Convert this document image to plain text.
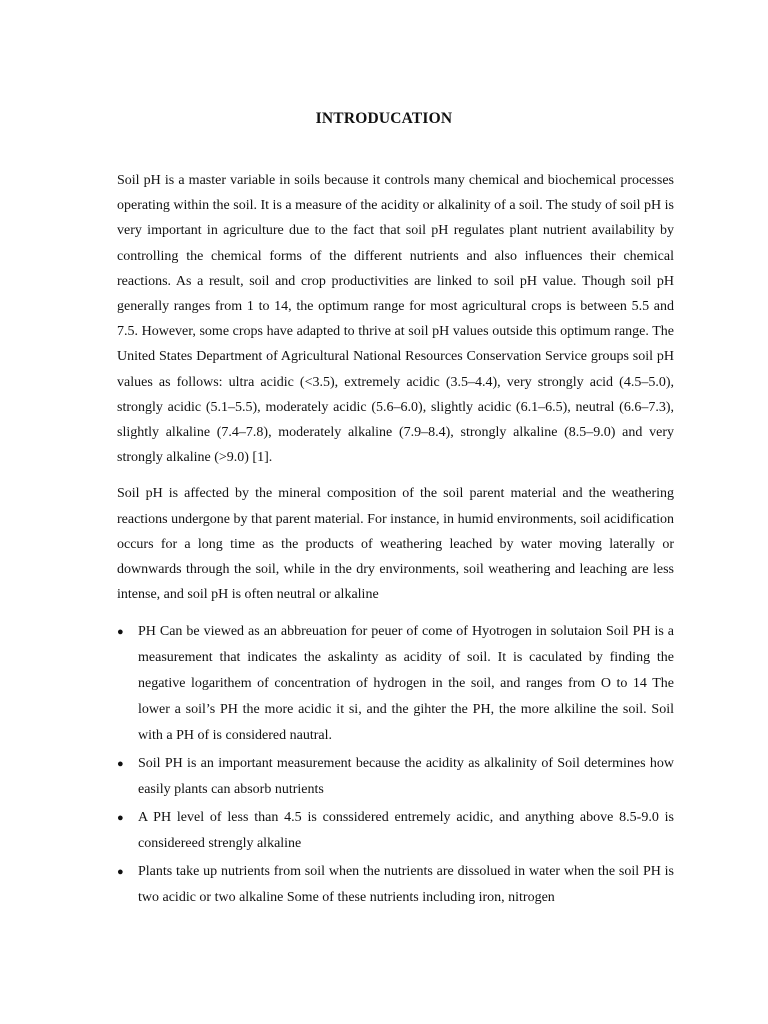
INTRODUCATION

Soil pH is a master variable in soils because it controls many chemical and biochemical processes operating within the soil. It is a measure of the acidity or alkalinity of a soil. The study of soil pH is very important in agriculture due to the fact that soil pH regulates plant nutrient availability by controlling the chemical forms of the different nutrients and also influences their chemical reactions. As a result, soil and crop productivities are linked to soil pH value. Though soil pH generally ranges from 1 to 14, the optimum range for most agricultural crops is between 5.5 and 7.5. However, some crops have adapted to thrive at soil pH values outside this optimum range. The United States Department of Agricultural National Resources Conservation Service groups soil pH values as follows: ultra acidic (<3.5), extremely acidic (3.5–4.4), very strongly acid (4.5–5.0), strongly acidic (5.1–5.5), moderately acidic (5.6–6.0), slightly acidic (6.1–6.5), neutral (6.6–7.3), slightly alkaline (7.4–7.8), moderately alkaline (7.9–8.4), strongly alkaline (8.5–9.0) and very strongly alkaline (>9.0) [1].

Soil pH is affected by the mineral composition of the soil parent material and the weathering reactions undergone by that parent material. For instance, in humid environments, soil acidification occurs for a long time as the products of weathering leached by water moving laterally or downwards through the soil, while in the dry environments, soil weathering and leaching are less intense, and soil pH is often neutral or alkaline

● PH Can be viewed as an abbreuation for peuer of come of Hyotrogen in solutaion Soil PH is a measurement that indicates the askalinty as acidity of soil. It is caculated by finding the negative logarithem of concentration of hydrogen in the soil, and ranges from O to 14 The lower a soil’s PH the more acidic it si, and the gihter the PH, the more alkiline the soil. Soil with a PH of is considered nautral.
● Soil PH is an important measurement because the acidity as alkalinity of Soil determines how easily plants can absorb nutrients
● A PH level of less than 4.5 is conssidered entremely acidic, and anything above 8.5-9.0 is considereed strengly alkaline
● Plants take up nutrients from soil when the nutrients are dissolued in water when the soil PH is two acidic or two alkaline Some of these nutrients including iron, nitrogen
